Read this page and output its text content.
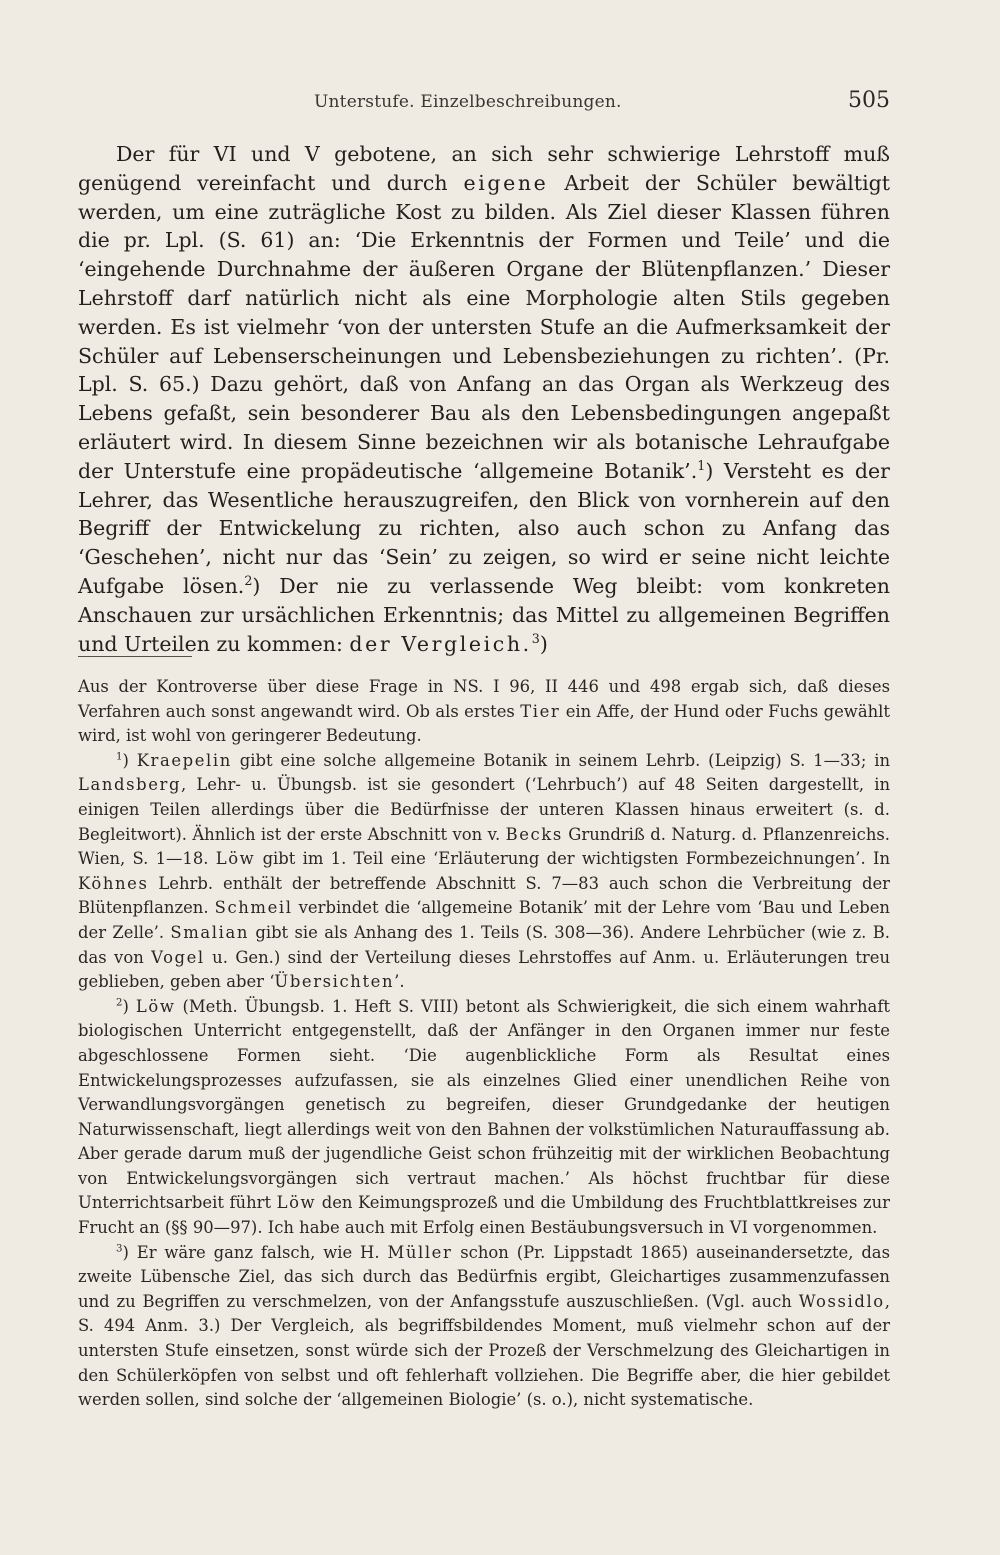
Unterstufe. Einzelbeschreibungen.	505

Der für VI und V gebotene, an sich sehr schwierige Lehrstoff muß genügend vereinfacht und durch eigene Arbeit der Schüler bewältigt werden, um eine zuträgliche Kost zu bilden. Als Ziel dieser Klassen führen die pr. Lpl. (S. 61) an: ‘Die Erkenntnis der Formen und Teile’ und die ‘eingehende Durchnahme der äußeren Organe der Blütenpflanzen.’ Dieser Lehrstoff darf natürlich nicht als eine Morphologie alten Stils gegeben werden. Es ist vielmehr ‘von der untersten Stufe an die Aufmerksamkeit der Schüler auf Lebenserscheinungen und Lebensbeziehungen zu richten’. (Pr. Lpl. S. 65.) Dazu gehört, daß von Anfang an das Organ als Werkzeug des Lebens gefaßt, sein besonderer Bau als den Lebensbedingungen angepaßt erläutert wird. In diesem Sinne bezeichnen wir als botanische Lehraufgabe der Unterstufe eine propädeutische ‘allgemeine Botanik’.$^1$) Versteht es der Lehrer, das Wesentliche herauszugreifen, den Blick von vornherein auf den Begriff der Entwickelung zu richten, also auch schon zu Anfang das ‘Geschehen’, nicht nur das ‘Sein’ zu zeigen, so wird er seine nicht leichte Aufgabe lösen.$^2$) Der nie zu verlassende Weg bleibt: vom konkreten Anschauen zur ursächlichen Erkenntnis; das Mittel zu allgemeinen Begriffen und Urteilen zu kommen: der Vergleich.$^3$)

Aus der Kontroverse über diese Frage in NS. I 96, II 446 und 498 ergab sich, daß dieses Verfahren auch sonst angewandt wird. Ob als erstes Tier ein Affe, der Hund oder Fuchs gewählt wird, ist wohl von geringerer Bedeutung.

$^1$) Kraepelin gibt eine solche allgemeine Botanik in seinem Lehrb. (Leipzig) S. 1—33; in Landsberg, Lehr- u. Übungsb. ist sie gesondert (‘Lehrbuch’) auf 48 Seiten dargestellt, in einigen Teilen allerdings über die Bedürfnisse der unteren Klassen hinaus erweitert (s. d. Begleitwort). Ähnlich ist der erste Abschnitt von v. Becks Grundriß d. Naturg. d. Pflanzenreichs. Wien, S. 1—18. Löw gibt im 1. Teil eine ‘Erläuterung der wichtigsten Formbezeichnungen’. In Köhnes Lehrb. enthält der betreffende Abschnitt S. 7—83 auch schon die Verbreitung der Blütenpflanzen. Schmeil verbindet die ‘allgemeine Botanik’ mit der Lehre vom ‘Bau und Leben der Zelle’. Smalian gibt sie als Anhang des 1. Teils (S. 308—36). Andere Lehrbücher (wie z. B. das von Vogel u. Gen.) sind der Verteilung dieses Lehrstoffes auf Anm. u. Erläuterungen treu geblieben, geben aber ‘Übersichten’.

$^2$) Löw (Meth. Übungsb. 1. Heft S. VIII) betont als Schwierigkeit, die sich einem wahrhaft biologischen Unterricht entgegenstellt, daß der Anfänger in den Organen immer nur feste abgeschlossene Formen sieht. ‘Die augenblickliche Form als Resultat eines Entwickelungsprozesses aufzufassen, sie als einzelnes Glied einer unendlichen Reihe von Verwandlungsvorgängen genetisch zu begreifen, dieser Grundgedanke der heutigen Naturwissenschaft, liegt allerdings weit von den Bahnen der volkstümlichen Naturauffassung ab. Aber gerade darum muß der jugendliche Geist schon frühzeitig mit der wirklichen Beobachtung von Entwickelungsvorgängen sich vertraut machen.’ Als höchst fruchtbar für diese Unterrichtsarbeit führt Löw den Keimungsprozeß und die Umbildung des Fruchtblattkreises zur Frucht an (§§ 90—97). Ich habe auch mit Erfolg einen Bestäubungsversuch in VI vorgenommen.

$^3$) Er wäre ganz falsch, wie H. Müller schon (Pr. Lippstadt 1865) auseinandersetzte, das zweite Lübensche Ziel, das sich durch das Bedürfnis ergibt, Gleichartiges zusammenzufassen und zu Begriffen zu verschmelzen, von der Anfangsstufe auszuschließen. (Vgl. auch Wossidlo, S. 494 Anm. 3.) Der Vergleich, als begriffsbildendes Moment, muß vielmehr schon auf der untersten Stufe einsetzen, sonst würde sich der Prozeß der Verschmelzung des Gleichartigen in den Schülerköpfen von selbst und oft fehlerhaft vollziehen. Die Begriffe aber, die hier gebildet werden sollen, sind solche der ‘allgemeinen Biologie’ (s. o.), nicht systematische.
